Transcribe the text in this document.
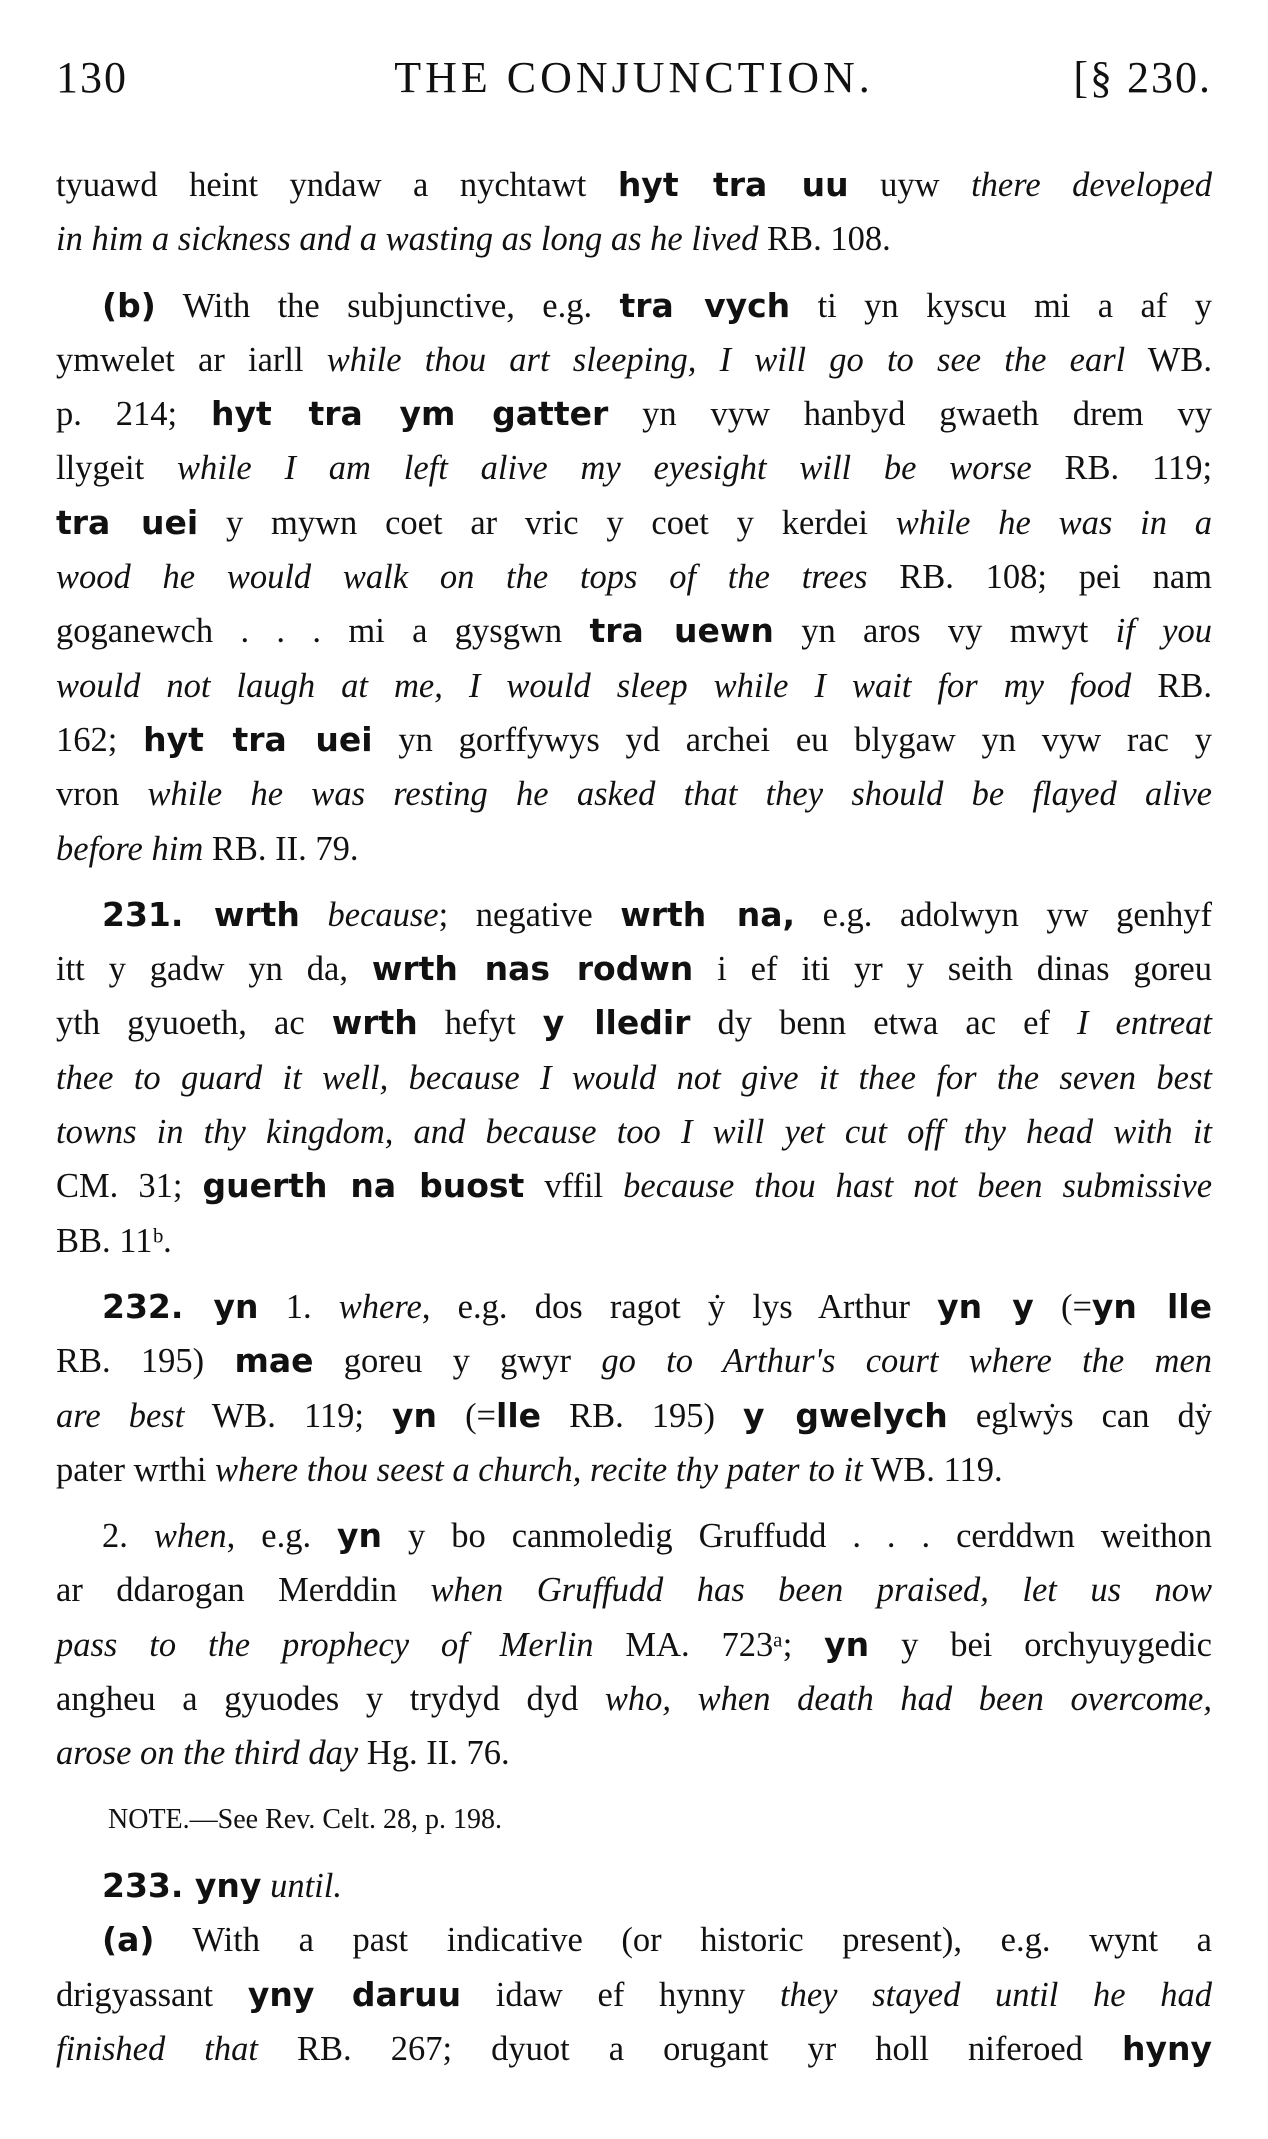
130	THE CONJUNCTION.	[§ 230.
tyuawd heint yndaw a nychtawt hyt tra uu uyw there developed
in him a sickness and a wasting as long as he lived RB. 108.
(b) With the subjunctive, e.g. tra vych ti yn kyscu mi a af y
ymwelet ar iarll while thou art sleeping, I will go to see the earl WB.
p. 214; hyt tra ym gatter yn vyw hanbyd gwaeth drem vy
llygeit while I am left alive my eyesight will be worse RB. 119;
tra uei y mywn coet ar vric y coet y kerdei while he was in a
wood he would walk on the tops of the trees RB. 108; pei nam
goganewch . . . mi a gysgwn tra uewn yn aros vy mwyt if you
would not laugh at me, I would sleep while I wait for my food RB.
162; hyt tra uei yn gorffywys yd archei eu blygaw yn vyw rac y
vron while he was resting he asked that they should be flayed alive
before him RB. II. 79.
231. wrth because; negative wrth na, e.g. adolwyn yw genhyf
itt y gadw yn da, wrth nas rodwn i ef iti yr y seith dinas goreu
yth gyuoeth, ac wrth hefyt y lledir dy benn etwa ac ef I entreat
thee to guard it well, because I would not give it thee for the seven best
towns in thy kingdom, and because too I will yet cut off thy head with it
CM. 31; guerth na buost vffil because thou hast not been submissive
BB. 11ᵇ.
232. yn 1. where, e.g. dos ragot ẏ lys Arthur yn y (=yn lle
RB. 195) mae goreu y gwyr go to Arthur's court where the men
are best WB. 119; yn (=lle RB. 195) y gwelych eglwẏs can dẏ
pater wrthi where thou seest a church, recite thy pater to it WB. 119.
2. when, e.g. yn y bo canmoledig Gruffudd . . . cerddwn weithon
ar ddarogan Merddin when Gruffudd has been praised, let us now
pass to the prophecy of Merlin MA. 723ᵃ; yn y bei orchyuygedic
angheu a gyuodes y trydyd dyd who, when death had been overcome,
arose on the third day Hg. II. 76.
NOTE.—See Rev. Celt. 28, p. 198.
233. yny until.
(a) With a past indicative (or historic present), e.g. wynt a
drigyassant yny daruu idaw ef hynny they stayed until he had
finished that RB. 267; dyuot a orugant yr holl niferoed hyny
